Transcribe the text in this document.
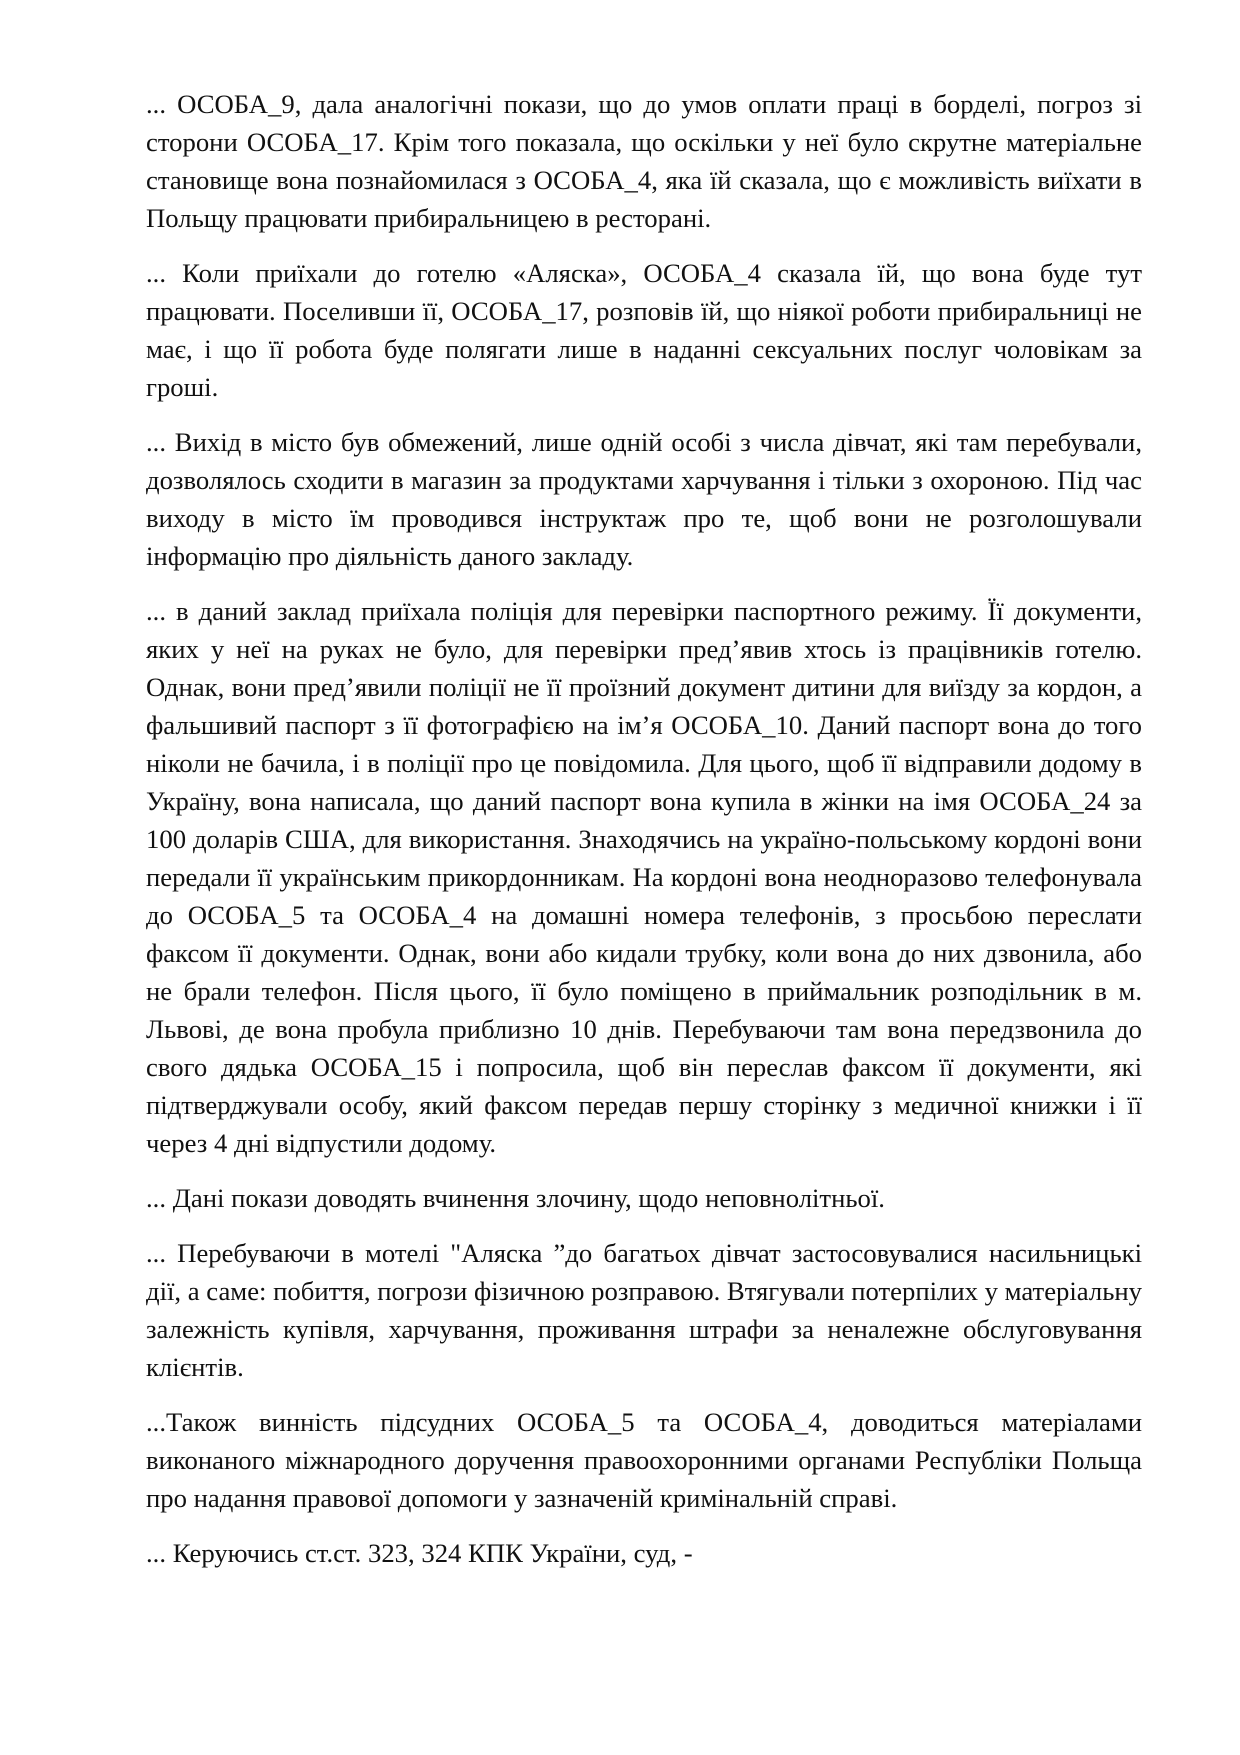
... ОСОБА_9, дала аналогічні покази, що до умов оплати праці в борделі, погроз зі сторони ОСОБА_17. Крім того показала, що оскільки у неї було скрутне матеріальне становище вона познайомилася з ОСОБА_4, яка їй сказала, що є можливість виїхати в Польщу працювати прибиральницею в ресторані.

... Коли приїхали до готелю «Аляска», ОСОБА_4 сказала їй, що вона буде тут працювати. Поселивши її, ОСОБА_17, розповів їй, що ніякої роботи прибиральниці не має, і що її робота буде полягати лише в наданні сексуальних послуг чоловікам за гроші.

... Вихід в місто був обмежений, лише одній особі з числа дівчат, які там перебували, дозволялось сходити в магазин за продуктами харчування і тільки з охороною. Під час виходу в місто їм проводився інструктаж про те, щоб вони не розголошували інформацію про діяльність даного закладу.

... в даний заклад приїхала поліція для перевірки паспортного режиму. Її документи, яких у неї на руках не було, для перевірки пред’явив хтось із працівників готелю. Однак, вони пред’явили поліції не її проїзний документ дитини для виїзду за кордон, а фальшивий паспорт з її фотографією на ім’я ОСОБА_10. Даний паспорт вона до того ніколи не бачила, і в поліції про це повідомила. Для цього, щоб її відправили додому в Україну, вона написала, що даний паспорт вона купила в жінки на імя ОСОБА_24 за 100 доларів США, для використання. Знаходячись на україно-польському кордоні вони передали її українським прикордонникам. На кордоні вона неодноразово телефонувала до ОСОБА_5 та ОСОБА_4 на домашні номера телефонів, з просьбою переслати факсом її документи. Однак, вони або кидали трубку, коли вона до них дзвонила, або не брали телефон. Після цього, її було поміщено в приймальник розподільник в м. Львові, де вона пробула приблизно 10 днів. Перебуваючи там вона передзвонила до свого дядька ОСОБА_15 і попросила, щоб він переслав факсом її документи, які підтверджували особу, який факсом передав першу сторінку з медичної книжки і її через 4 дні відпустили додому.

... Дані покази доводять вчинення злочину, щодо неповнолітньої.

... Перебуваючи в мотелі "Аляска ”до багатьох дівчат застосовувалися насильницькі дії, а саме: побиття, погрози фізичною розправою. Втягували потерпілих у матеріальну залежність купівля, харчування, проживання штрафи за неналежне обслуговування клієнтів.

...Також винність підсудних ОСОБА_5 та ОСОБА_4, доводиться матеріалами виконаного міжнародного доручення правоохоронними органами Республіки Польща про надання правової допомоги у зазначеній кримінальній справі.

... Керуючись ст.ст. 323, 324 КПК України, суд, -
